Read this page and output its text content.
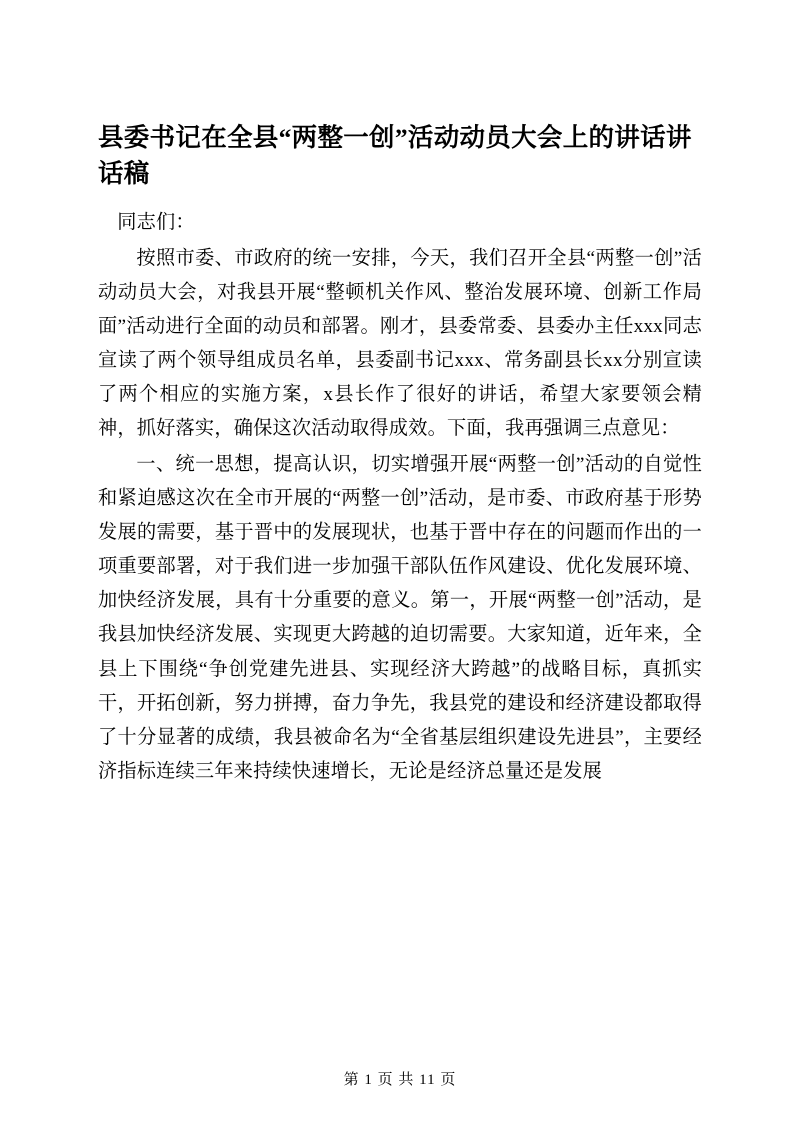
县委书记在全县“两整一创”活动动员大会上的讲话讲话稿

同志们：

按照市委、市政府的统一安排，今天，我们召开全县“两整一创”活动动员大会，对我县开展“整顿机关作风、整治发展环境、创新工作局面”活动进行全面的动员和部署。刚才，县委常委、县委办主任xxx同志宣读了两个领导组成员名单，县委副书记xxx、常务副县长xx分别宣读了两个相应的实施方案，x县长作了很好的讲话，希望大家要领会精神，抓好落实，确保这次活动取得成效。下面，我再强调三点意见：

一、统一思想，提高认识，切实增强开展“两整一创”活动的自觉性和紧迫感这次在全市开展的“两整一创”活动，是市委、市政府基于形势发展的需要，基于晋中的发展现状，也基于晋中存在的问题而作出的一项重要部署，对于我们进一步加强干部队伍作风建设、优化发展环境、加快经济发展，具有十分重要的意义。第一，开展“两整一创”活动，是我县加快经济发展、实现更大跨越的迫切需要。大家知道，近年来，全县上下围绕“争创党建先进县、实现经济大跨越”的战略目标，真抓实干，开拓创新，努力拼搏，奋力争先，我县党的建设和经济建设都取得了十分显著的成绩，我县被命名为“全省基层组织建设先进县”，主要经济指标连续三年来持续快速增长，无论是经济总量还是发展

第 1 页 共 11 页
